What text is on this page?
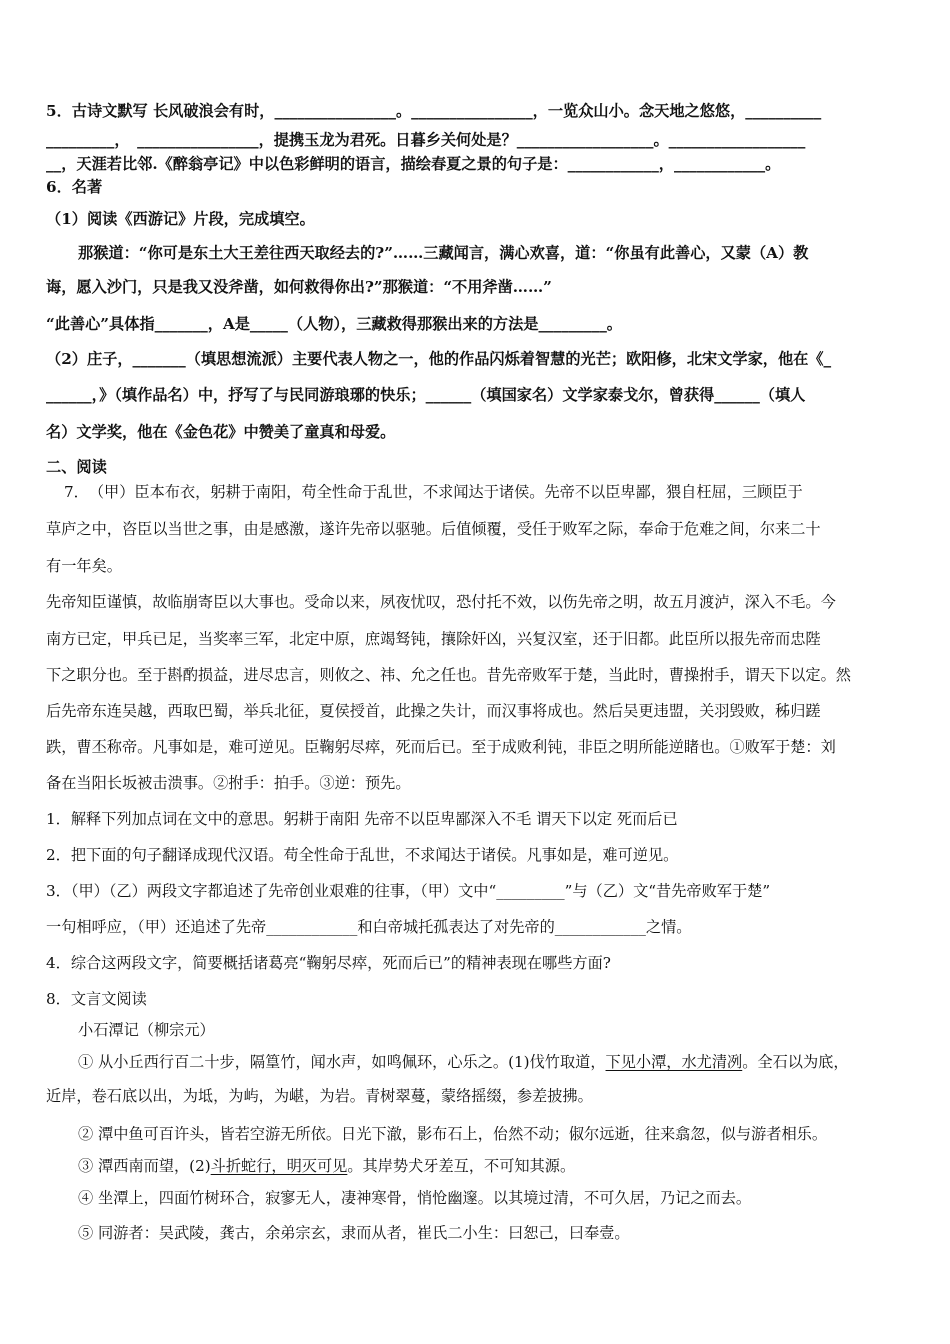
5．古诗文默写 长风破浪会有时，________________。________________，一览众山小。念天地之悠悠，__________
_________，　________________，提携玉龙为君死。日暮乡关何处是？__________________。__________________
__，天涯若比邻.《醉翁亭记》中以色彩鲜明的语言，描绘春夏之景的句子是：____________，____________。
6．名著
（1）阅读《西游记》片段，完成填空。
那猴道：“你可是东土大王差往西天取经去的?”……三藏闻言，满心欢喜，道：“你虽有此善心，又蒙（A）教
诲，愿入沙门，只是我又没斧凿，如何救得你出?”那猴道：“不用斧凿……”
“此善心”具体指_______，A是_____（人物），三藏救得那猴出来的方法是_________。
（2）庄子，_______（填思想流派）主要代表人物之一，他的作品闪烁着智慧的光芒；欧阳修，北宋文学家，他在《_
______，》（填作品名）中，抒写了与民同游琅琊的快乐；______（填国家名）文学家泰戈尔，曾获得______（填人
名）文学奖，他在《金色花》中赞美了童真和母爱。
二、阅读
7．　（甲）臣本布衣，躬耕于南阳，苟全性命于乱世，不求闻达于诸侯。先帝不以臣卑鄙，猥自枉屈，三顾臣于
草庐之中，咨臣以当世之事，由是感激，遂许先帝以驱驰。后值倾覆，受任于败军之际，奉命于危难之间，尔来二十
有一年矣。
先帝知臣谨慎，故临崩寄臣以大事也。受命以来，夙夜忧叹，恐付托不效，以伤先帝之明，故五月渡泸，深入不毛。今
南方已定，甲兵已足，当奖率三军，北定中原，庶竭驽钝，攘除奸凶，兴复汉室，还于旧都。此臣所以报先帝而忠陛
下之职分也。至于斟酌损益，进尽忠言，则攸之、祎、允之任也。昔先帝败军于楚，当此时，曹操拊手，谓天下以定。然
后先帝东连吴越，西取巴蜀，举兵北征，夏侯授首，此操之失计，而汉事将成也。然后吴更违盟，关羽毁败，秭归蹉
跌，曹丕称帝。凡事如是，难可逆见。臣鞠躬尽瘁，死而后已。至于成败利钝，非臣之明所能逆睹也。①败军于楚：刘
备在当阳长坂被击溃事。②拊手：拍手。③逆：预先。
1．解释下列加点词在文中的意思。躬耕于南阳 先帝不以臣卑鄙深入不毛 谓天下以定 死而后已
2．把下面的句子翻译成现代汉语。苟全性命于乱世，不求闻达于诸侯。凡事如是，难可逆见。
3．（甲）（乙）两段文字都追述了先帝创业艰难的往事，（甲）文中“_________”与（乙）文“昔先帝败军于楚”
一句相呼应，（甲）还追述了先帝____________和白帝城托孤表达了对先帝的____________之情。
4．综合这两段文字，简要概括诸葛亮“鞠躬尽瘁，死而后已”的精神表现在哪些方面?
8．文言文阅读
小石潭记（柳宗元）
① 从小丘西行百二十步，隔篁竹，闻水声，如鸣佩环，心乐之。(1)伐竹取道，下见小潭，水尤清冽。全石以为底，
近岸，卷石底以出，为坻，为屿，为嵁，为岩。青树翠蔓，蒙络摇缀，参差披拂。
② 潭中鱼可百许头，皆若空游无所依。日光下澈，影布石上，佁然不动；俶尔远逝，往来翕忽，似与游者相乐。
③ 潭西南而望，(2)斗折蛇行，明灭可见。其岸势犬牙差互，不可知其源。
④ 坐潭上，四面竹树环合，寂寥无人，凄神寒骨，悄怆幽邃。以其境过清，不可久居，乃记之而去。
⑤ 同游者：吴武陵，龚古，余弟宗玄，隶而从者，崔氏二小生：曰恕己，曰奉壹。
